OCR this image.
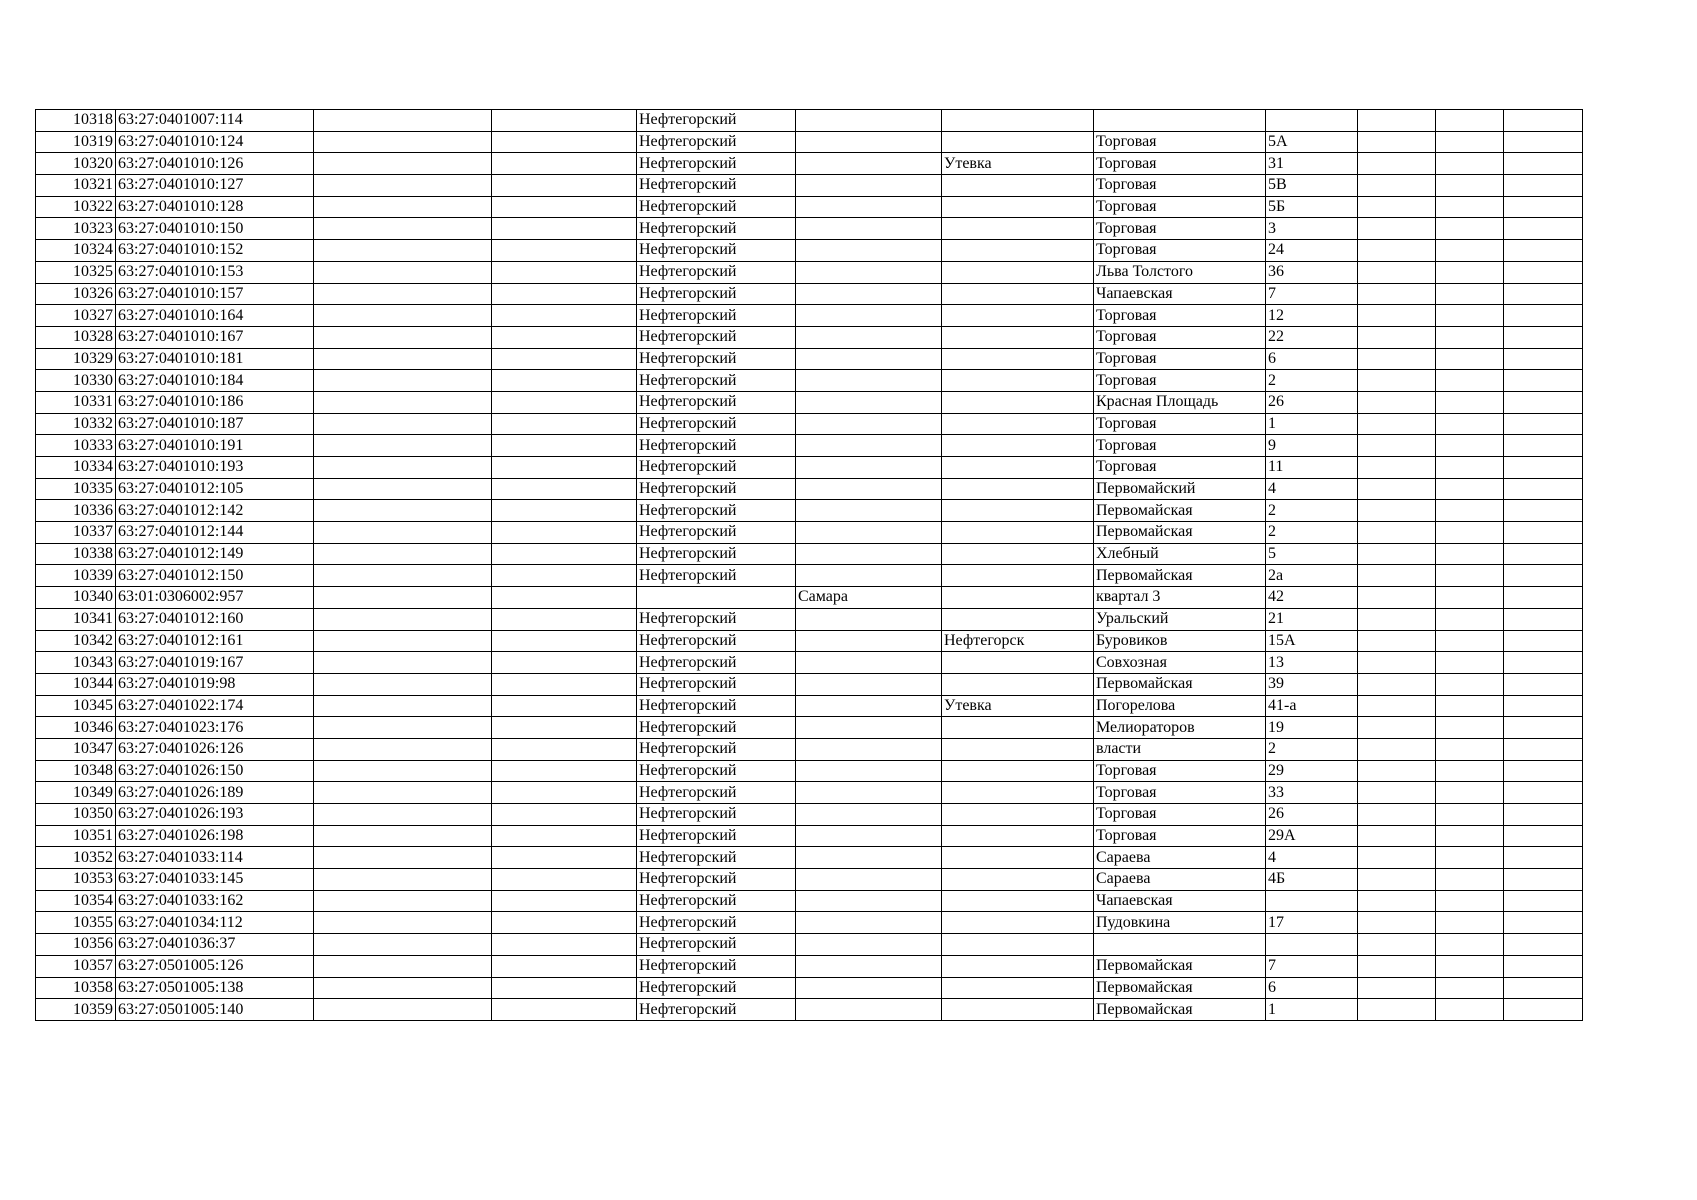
10318	63:27:0401007:114			Нефтегорский							
10319	63:27:0401010:124			Нефтегорский			Торговая	5А			
10320	63:27:0401010:126			Нефтегорский		Утевка	Торговая	31			
10321	63:27:0401010:127			Нефтегорский			Торговая	5В			
10322	63:27:0401010:128			Нефтегорский			Торговая	5Б			
10323	63:27:0401010:150			Нефтегорский			Торговая	3			
10324	63:27:0401010:152			Нефтегорский			Торговая	24			
10325	63:27:0401010:153			Нефтегорский			Льва Толстого	36			
10326	63:27:0401010:157			Нефтегорский			Чапаевская	7			
10327	63:27:0401010:164			Нефтегорский			Торговая	12			
10328	63:27:0401010:167			Нефтегорский			Торговая	22			
10329	63:27:0401010:181			Нефтегорский			Торговая	6			
10330	63:27:0401010:184			Нефтегорский			Торговая	2			
10331	63:27:0401010:186			Нефтегорский			Красная Площадь	26			
10332	63:27:0401010:187			Нефтегорский			Торговая	1			
10333	63:27:0401010:191			Нефтегорский			Торговая	9			
10334	63:27:0401010:193			Нефтегорский			Торговая	11			
10335	63:27:0401012:105			Нефтегорский			Первомайский	4			
10336	63:27:0401012:142			Нефтегорский			Первомайская	2			
10337	63:27:0401012:144			Нефтегорский			Первомайская	2			
10338	63:27:0401012:149			Нефтегорский			Хлебный	5			
10339	63:27:0401012:150			Нефтегорский			Первомайская	2а			
10340	63:01:0306002:957				Самара		квартал 3	42			
10341	63:27:0401012:160			Нефтегорский			Уральский	21			
10342	63:27:0401012:161			Нефтегорский		Нефтегорск	Буровиков	15А			
10343	63:27:0401019:167			Нефтегорский			Совхозная	13			
10344	63:27:0401019:98			Нефтегорский			Первомайская	39			
10345	63:27:0401022:174			Нефтегорский		Утевка	Погорелова	41-а			
10346	63:27:0401023:176			Нефтегорский			Мелиораторов	19			
10347	63:27:0401026:126			Нефтегорский			власти	2			
10348	63:27:0401026:150			Нефтегорский			Торговая	29			
10349	63:27:0401026:189			Нефтегорский			Торговая	33			
10350	63:27:0401026:193			Нефтегорский			Торговая	26			
10351	63:27:0401026:198			Нефтегорский			Торговая	29А			
10352	63:27:0401033:114			Нефтегорский			Сараева	4			
10353	63:27:0401033:145			Нефтегорский			Сараева	4Б			
10354	63:27:0401033:162			Нефтегорский			Чапаевская				
10355	63:27:0401034:112			Нефтегорский			Пудовкина	17			
10356	63:27:0401036:37			Нефтегорский							
10357	63:27:0501005:126			Нефтегорский			Первомайская	7			
10358	63:27:0501005:138			Нефтегорский			Первомайская	6			
10359	63:27:0501005:140			Нефтегорский			Первомайская	1			
